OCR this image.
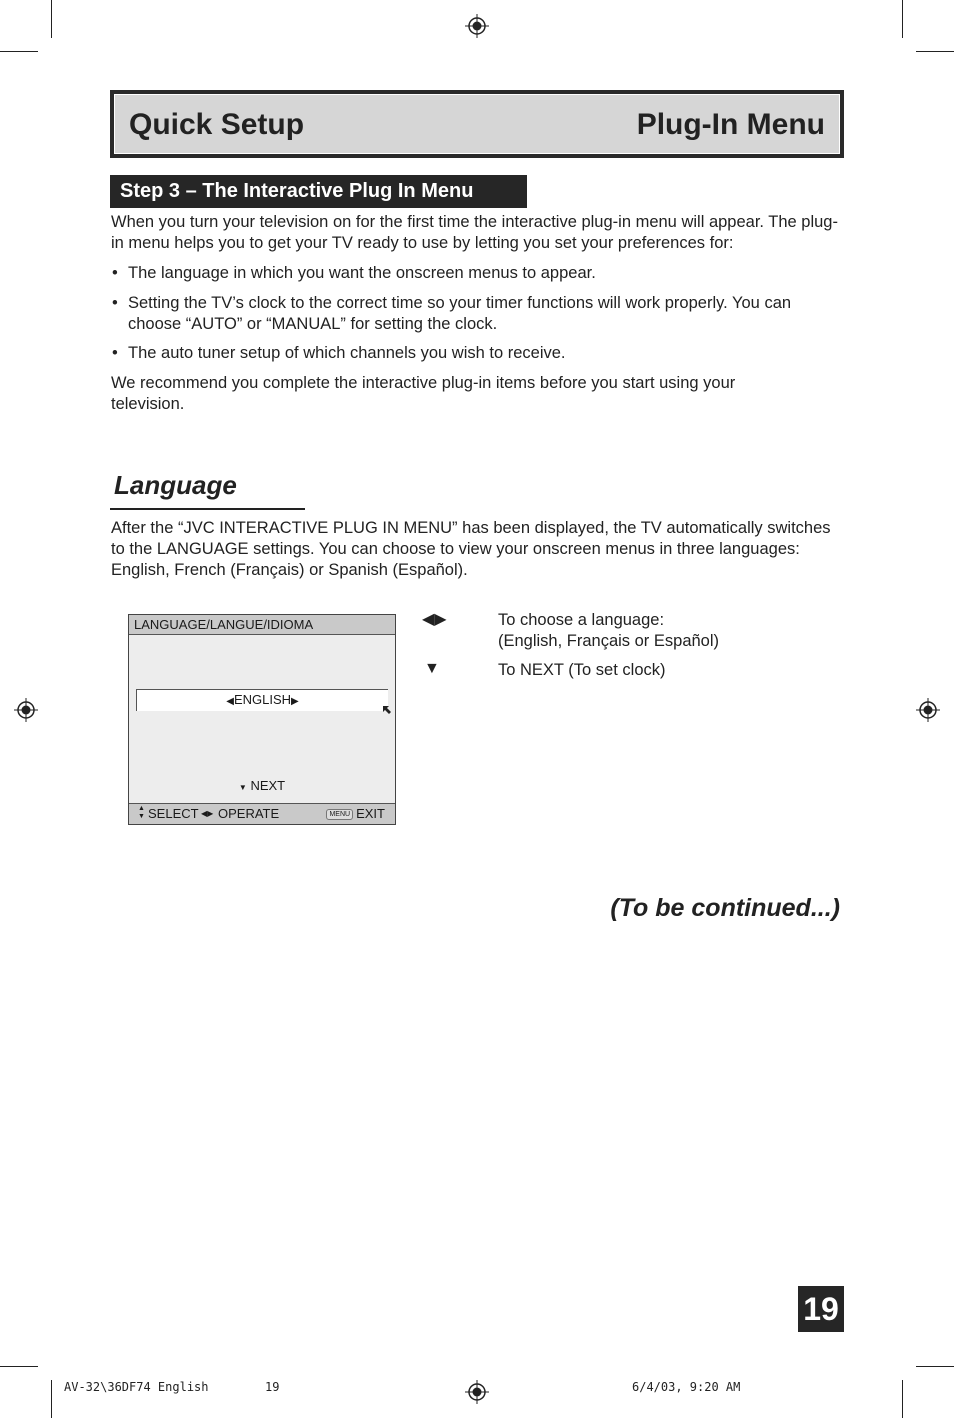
Quick Setup	Plug-In Menu
Step 3 – The Interactive Plug In Menu
When you turn your television on for the first time the interactive plug-in menu will appear. The plug-in menu helps you to get your TV ready to use by letting you set your preferences for:
• The language in which you want the onscreen menus to appear.
• Setting the TV’s clock to the correct time so your timer functions will work properly. You can choose “AUTO” or “MANUAL” for setting the clock.
• The auto tuner setup of which channels you wish to receive.
We recommend you complete the interactive plug-in items before you start using your television.
Language
After the “JVC INTERACTIVE PLUG IN MENU” has been displayed, the TV automatically switches to the LANGUAGE settings. You can choose to view your onscreen menus in three languages: English, French (Français) or Spanish (Español).
LANGUAGE/LANGUE/IDIOMA
◀ENGLISH▶
▼ NEXT
▲
▼ SELECT ◀▶ OPERATE	MENU EXIT
◀▶	To choose a language:
(English, Français or Español)
▼	To NEXT (To set clock)
(To be continued...)
19
AV-32\36DF74 English	19	6/4/03, 9:20 AM
